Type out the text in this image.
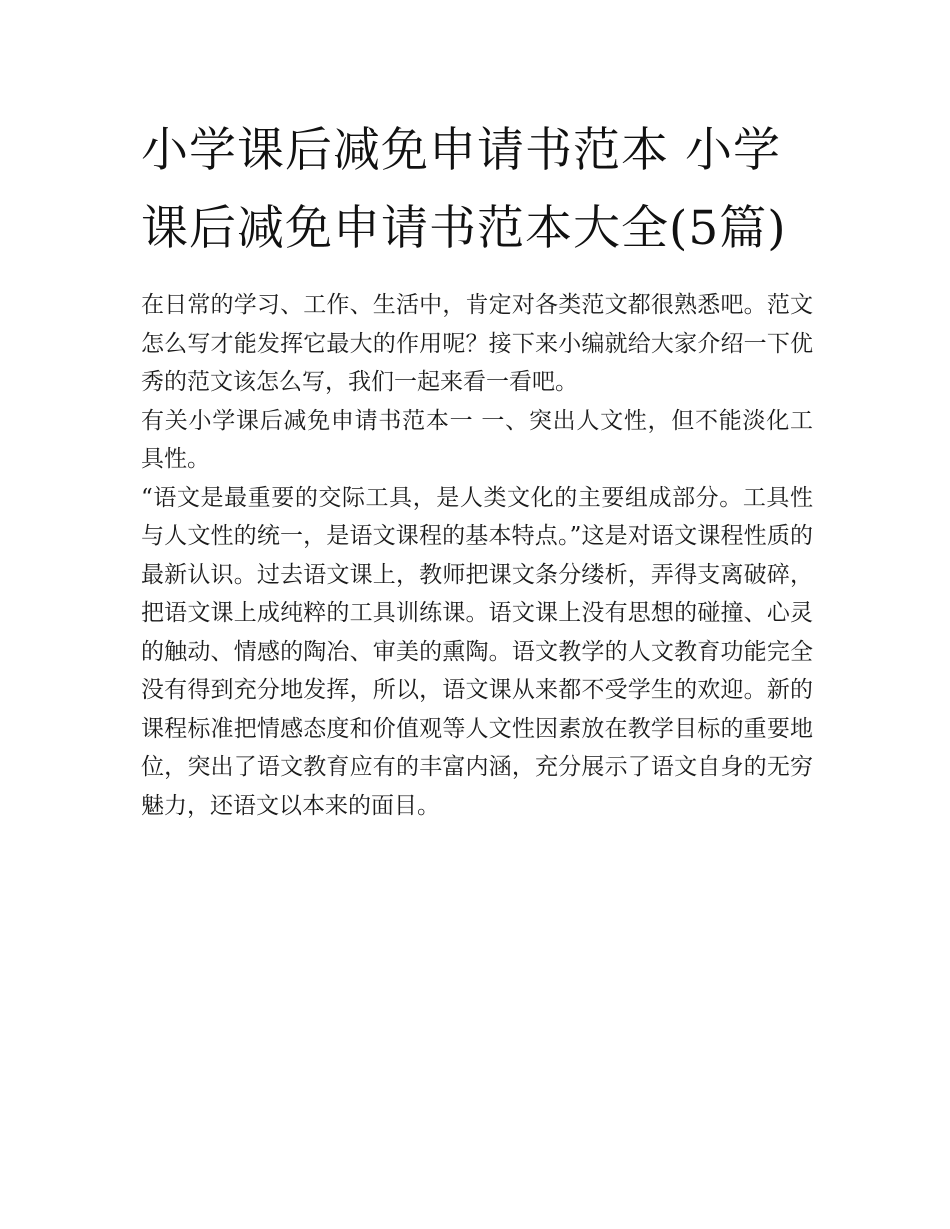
小学课后减免申请书范本 小学课后减免申请书范本大全(5篇)

在日常的学习、工作、生活中，肯定对各类范文都很熟悉吧。范文怎么写才能发挥它最大的作用呢？接下来小编就给大家介绍一下优秀的范文该怎么写，我们一起来看一看吧。

有关小学课后减免申请书范本一 一、突出人文性，但不能淡化工具性。

“语文是最重要的交际工具，是人类文化的主要组成部分。工具性与人文性的统一，是语文课程的基本特点。”这是对语文课程性质的最新认识。过去语文课上，教师把课文条分缕析，弄得支离破碎，把语文课上成纯粹的工具训练课。语文课上没有思想的碰撞、心灵的触动、情感的陶冶、审美的熏陶。语文教学的人文教育功能完全没有得到充分地发挥，所以，语文课从来都不受学生的欢迎。新的课程标准把情感态度和价值观等人文性因素放在教学目标的重要地位，突出了语文教育应有的丰富内涵，充分展示了语文自身的无穷魅力，还语文以本来的面目。
